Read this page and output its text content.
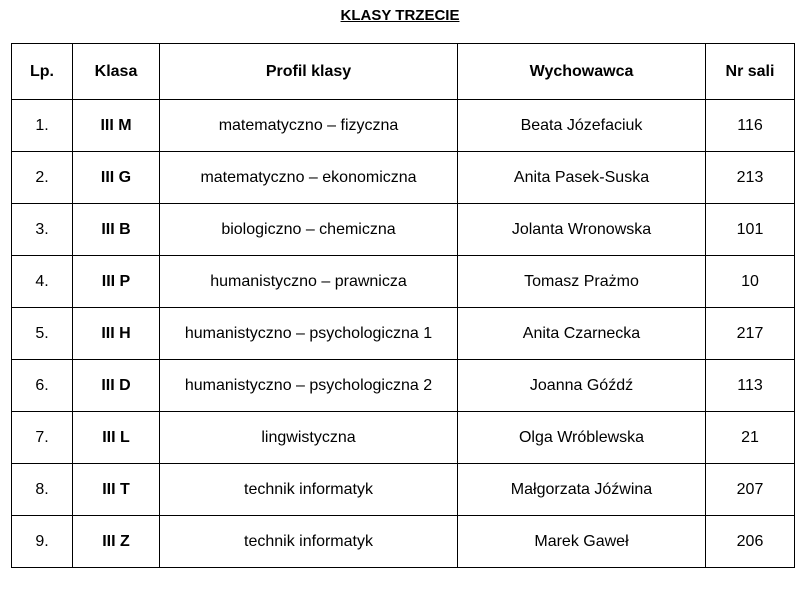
KLASY TRZECIE
Lp.	Klasa	Profil klasy	Wychowawca	Nr sali
1.	III M	matematyczno – fizyczna	Beata Józefaciuk	116
2.	III G	matematyczno – ekonomiczna	Anita Pasek-Suska	213
3.	III B	biologiczno – chemiczna	Jolanta Wronowska	101
4.	III P	humanistyczno – prawnicza	Tomasz Prażmo	10
5.	III H	humanistyczno – psychologiczna 1	Anita Czarnecka	217
6.	III D	humanistyczno – psychologiczna 2	Joanna Góźdź	113
7.	III L	lingwistyczna	Olga Wróblewska	21
8.	III T	technik informatyk	Małgorzata Jóźwina	207
9.	III Z	technik informatyk	Marek Gaweł	206
